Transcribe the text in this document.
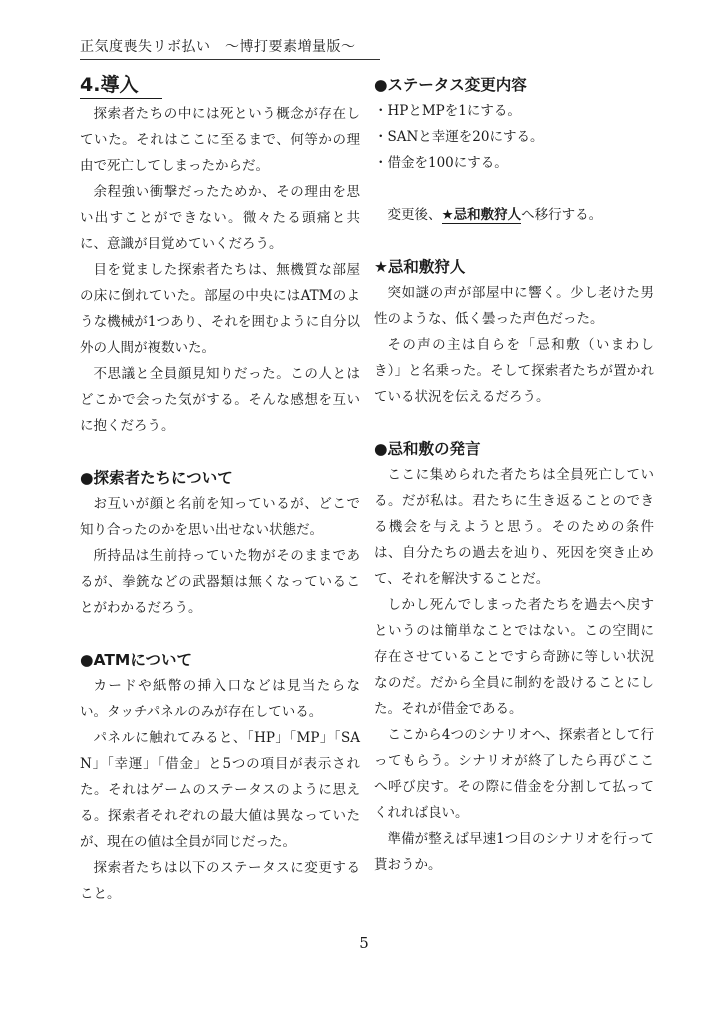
正気度喪失リボ払い　～博打要素増量版～
4.導入

探索者たちの中には死という概念が存在していた。それはここに至るまで、何等かの理由で死亡してしまったからだ。

余程強い衝撃だったためか、その理由を思い出すことができない。微々たる頭痛と共に、意識が目覚めていくだろう。

目を覚ました探索者たちは、無機質な部屋の床に倒れていた。部屋の中央にはATMのような機械が1つあり、それを囲むように自分以外の人間が複数いた。

不思議と全員顔見知りだった。この人とはどこかで会った気がする。そんな感想を互いに抱くだろう。

●探索者たちについて

お互いが顔と名前を知っているが、どこで知り合ったのかを思い出せない状態だ。

所持品は生前持っていた物がそのままであるが、拳銃などの武器類は無くなっていることがわかるだろう。

●ATMについて

カードや紙幣の挿入口などは見当たらない。タッチパネルのみが存在している。

パネルに触れてみると、「HP」「MP」「SAN」「幸運」「借金」と5つの項目が表示された。それはゲームのステータスのように思える。探索者それぞれの最大値は異なっていたが、現在の値は全員が同じだった。

探索者たちは以下のステータスに変更すること。

●ステータス変更内容

・HPとMPを1にする。

・SANと幸運を20にする。

・借金を100にする。

変更後、★忌和敷狩人へ移行する。

★忌和敷狩人

突如謎の声が部屋中に響く。少し老けた男性のような、低く曇った声色だった。

その声の主は自らを「忌和敷（いまわしき）」と名乗った。そして探索者たちが置かれている状況を伝えるだろう。

●忌和敷の発言

ここに集められた者たちは全員死亡している。だが私は。君たちに生き返ることのできる機会を与えようと思う。そのための条件は、自分たちの過去を辿り、死因を突き止めて、それを解決することだ。

しかし死んでしまった者たちを過去へ戻すというのは簡単なことではない。この空間に存在させていることですら奇跡に等しい状況なのだ。だから全員に制約を設けることにした。それが借金である。

ここから4つのシナリオへ、探索者として行ってもらう。シナリオが終了したら再びここへ呼び戻す。その際に借金を分割して払ってくれれば良い。

準備が整えば早速1つ目のシナリオを行って貰おうか。

5
